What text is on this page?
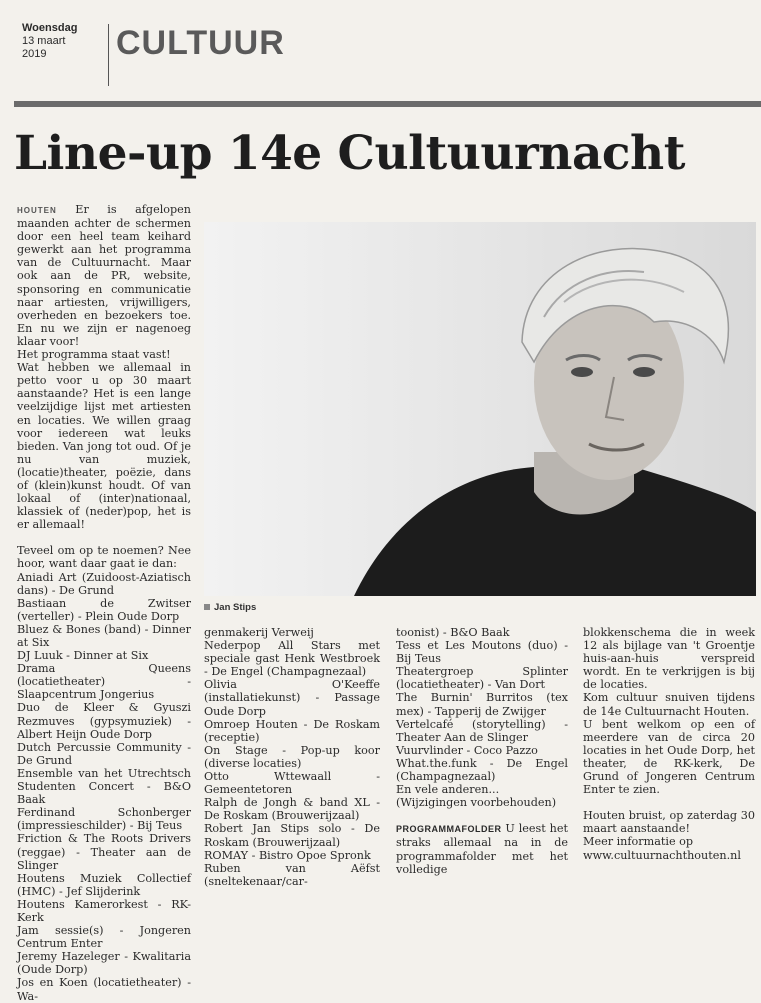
Woensdag
13 maart
2019	CULTUUR
Line-up 14e Cultuurnacht

HOUTEN Er is afgelopen maanden achter de schermen door een heel team keihard gewerkt aan het programma van de Cultuurnacht. Maar ook aan de PR, website, sponsoring en communicatie naar artiesten, vrijwilligers, overheden en bezoekers toe. En nu we zijn er nagenoeg klaar voor!

Het programma staat vast!

Wat hebben we allemaal in petto voor u op 30 maart aanstaande? Het is een lange veelzijdige lijst met artiesten en locaties. We willen graag voor iedereen wat leuks bieden. Van jong tot oud. Of je nu van muziek, (locatie)theater, poëzie, dans of (klein)kunst houdt. Of van lokaal of (inter)nationaal, klassiek of (neder)pop, het is er allemaal!

Teveel om op te noemen? Nee hoor, want daar gaat ie dan:

Aniadi Art (Zuidoost-Aziatisch dans) - De Grund

Bastiaan de Zwitser (verteller) - Plein Oude Dorp

Bluez & Bones (band) - Dinner at Six

DJ Luuk - Dinner at Six

Drama Queens (locatietheater) - Slaapcentrum Jongerius

Duo de Kleer & Gyuszi Rezmuves (gypsymuziek) - Albert Heijn Oude Dorp

Dutch Percussie Community - De Grund

Ensemble van het Utrechtsch Studenten Concert - B&O Baak

Ferdinand Schonberger (impressieschilder) - Bij Teus

Friction & The Roots Drivers (reggae) - Theater aan de Slinger

Houtens Muziek Collectief (HMC) - Jef Slijderink

Houtens Kamerorkest - RK-Kerk

Jam sessie(s) - Jongeren Centrum Enter

Jeremy Hazeleger - Kwalitaria (Oude Dorp)

Jos en Koen (locatietheater) - Wa-

Jan Stips

genmakerij Verweij

Nederpop All Stars met speciale gast Henk Westbroek - De Engel (Champagnezaal)

Olivia O'Keeffe (installatiekunst) - Passage Oude Dorp

Omroep Houten - De Roskam (receptie)

On Stage - Pop-up koor (diverse locaties)

Otto Wttewaall - Gemeentetoren

Ralph de Jongh & band XL - De Roskam (Brouwerijzaal)

Robert Jan Stips solo - De Roskam (Brouwerijzaal)

ROMAY - Bistro Opoe Spronk

Ruben van Aëfst (sneltekenaar/car-

toonist) - B&O Baak

Tess et Les Moutons (duo) - Bij Teus

Theatergroep Splinter (locatietheater) - Van Dort

The Burnin' Burritos (tex mex) - Tapperij de Zwijger

Vertelcafé (storytelling) - Theater Aan de Slinger

Vuurvlinder - Coco Pazzo

What.the.funk - De Engel (Champagnezaal)

En vele anderen...

(Wijzigingen voorbehouden)

PROGRAMMAFOLDER U leest het straks allemaal na in de programmafolder met het volledige

blokkenschema die in week 12 als bijlage van 't Groentje huis-aan-huis verspreid wordt. En te verkrijgen is bij de locaties.

Kom cultuur snuiven tijdens de 14e Cultuurnacht Houten.

U bent welkom op een of meerdere van de circa 20 locaties in het Oude Dorp, het theater, de RK-kerk, De Grund of Jongeren Centrum Enter te zien.

Houten bruist, op zaterdag 30 maart aanstaande!

Meer informatie op

www.cultuurnachthouten.nl
